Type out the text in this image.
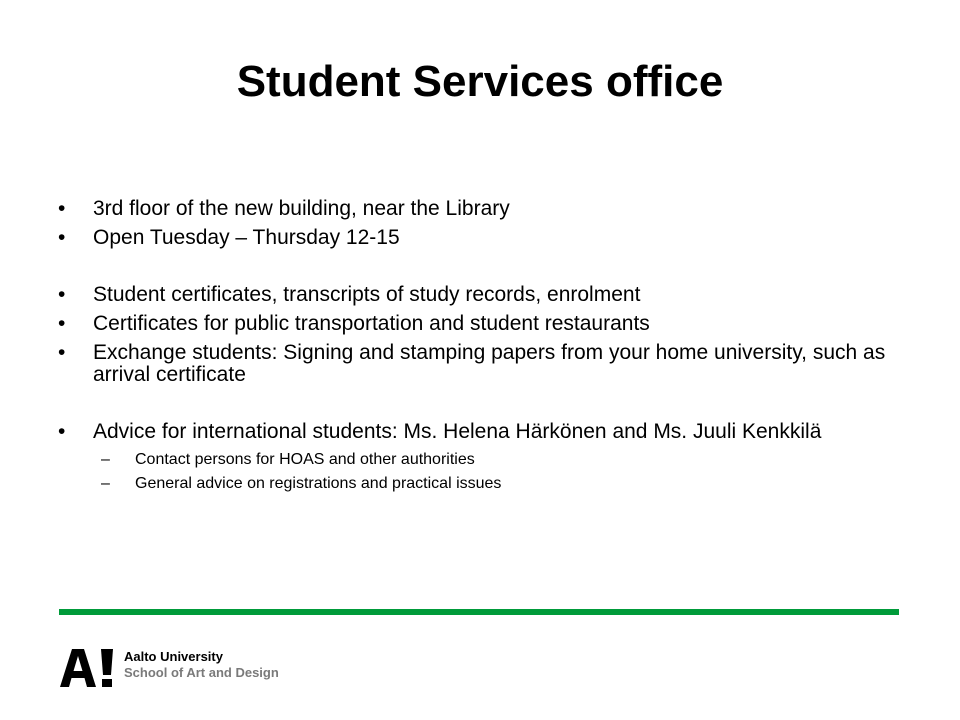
Student Services office
•	3rd floor of the new building, near the Library
•	Open Tuesday – Thursday 12-15
•	Student certificates, transcripts of study records, enrolment
•	Certificates for public transportation and student restaurants
•	Exchange students: Signing and stamping papers from your home university, such as arrival certificate
•	Advice for international students: Ms. Helena Härkönen and Ms. Juuli Kenkkilä
– Contact persons for HOAS and other authorities
– General advice on registrations and practical issues
Aalto University
School of Art and Design
